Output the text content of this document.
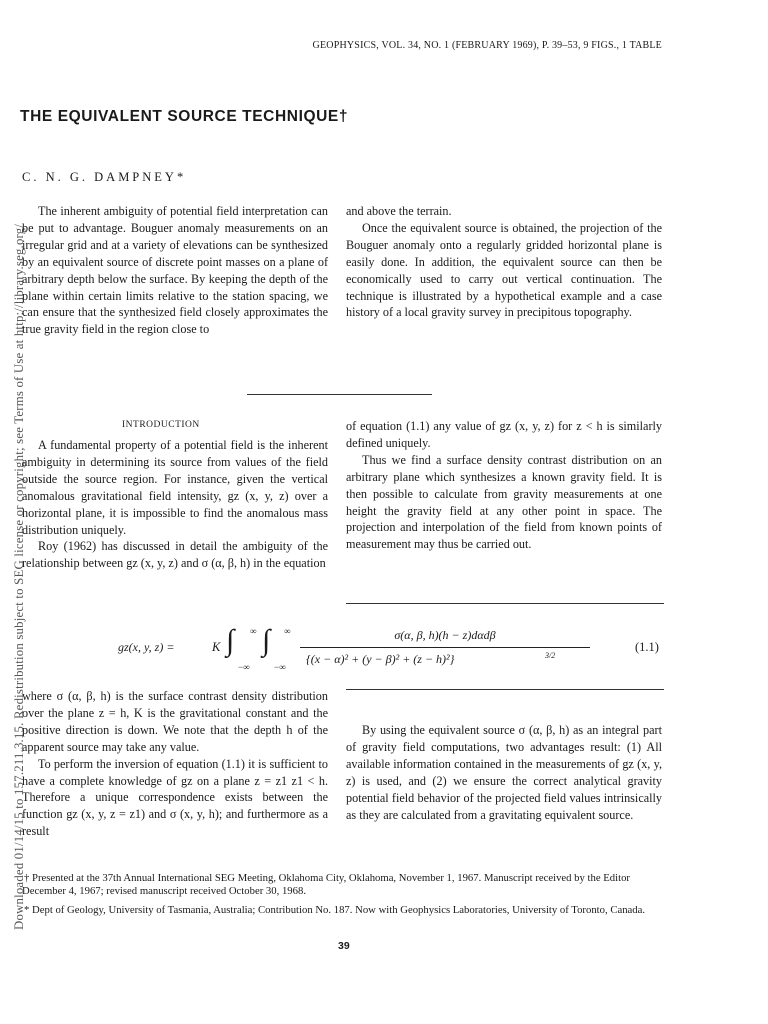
GEOPHYSICS, VOL. 34, NO. 1 (FEBRUARY 1969), P. 39–53, 9 FIGS., 1 TABLE
Downloaded 01/14/15 to 157.211.3.15. Redistribution subject to SEG license or copyright; see Terms of Use at http://library.seg.org/
THE EQUIVALENT SOURCE TECHNIQUE†
C. N. G. DAMPNEY*

The inherent ambiguity of potential field interpretation can be put to advantage. Bouguer anomaly measurements on an irregular grid and at a variety of elevations can be synthesized by an equivalent source of discrete point masses on a plane of arbitrary depth below the surface. By keeping the depth of the plane within certain limits relative to the station spacing, we can ensure that the synthesized field closely approximates the true gravity field in the region close to

and above the terrain.

Once the equivalent source is obtained, the projection of the Bouguer anomaly onto a regularly gridded horizontal plane is easily done. In addition, the equivalent source can then be economically used to carry out vertical continuation. The technique is illustrated by a hypothetical example and a case history of a local gravity survey in precipitous topography.

INTRODUCTION

A fundamental property of a potential field is the inherent ambiguity in determining its source from values of the field outside the source region. For instance, given the vertical anomalous gravitational field intensity, gz (x, y, z) over a horizontal plane, it is impossible to find the anomalous mass distribution uniquely.

Roy (1962) has discussed in detail the ambiguity of the relationship between gz (x, y, z) and σ (α, β, h) in the equation

of equation (1.1) any value of gz (x, y, z) for z < h is similarly defined uniquely.

Thus we find a surface density contrast distribution on an arbitrary plane which synthesizes a known gravity field. It is then possible to calculate from gravity measurements at one height the gravity field at any other point in space. The projection and interpolation of the field from known points of measurement may thus be carried out.

gz(x, y, z) =	K ∫ ∞
−∞
∫ ∞
−∞
σ(α, β, h)(h − z)dαdβ
{(x − α)² + (y − β)² + (z − h)²}	3/2
(1.1)

where σ (α, β, h) is the surface contrast density distribution over the plane z = h, K is the gravitational constant and the positive direction is down. We note that the depth h of the apparent source may take any value.

To perform the inversion of equation (1.1) it is sufficient to have a complete knowledge of gz on a plane z = z1 z1 < h. Therefore a unique correspondence exists between the function gz (x, y, z = z1) and σ (x, y, h); and furthermore as a result

By using the equivalent source σ (α, β, h) as an integral part of gravity field computations, two advantages result: (1) All available information contained in the measurements of gz (x, y, z) is used, and (2) we ensure the correct analytical gravity potential field behavior of the projected field values intrinsically as they are calculated from a gravitating equivalent source.

† Presented at the 37th Annual International SEG Meeting, Oklahoma City, Oklahoma, November 1, 1967. Manuscript received by the Editor December 4, 1967; revised manuscript received October 30, 1968.
* Dept of Geology, University of Tasmania, Australia; Contribution No. 187. Now with Geophysics Laboratories, University of Toronto, Canada.
39
